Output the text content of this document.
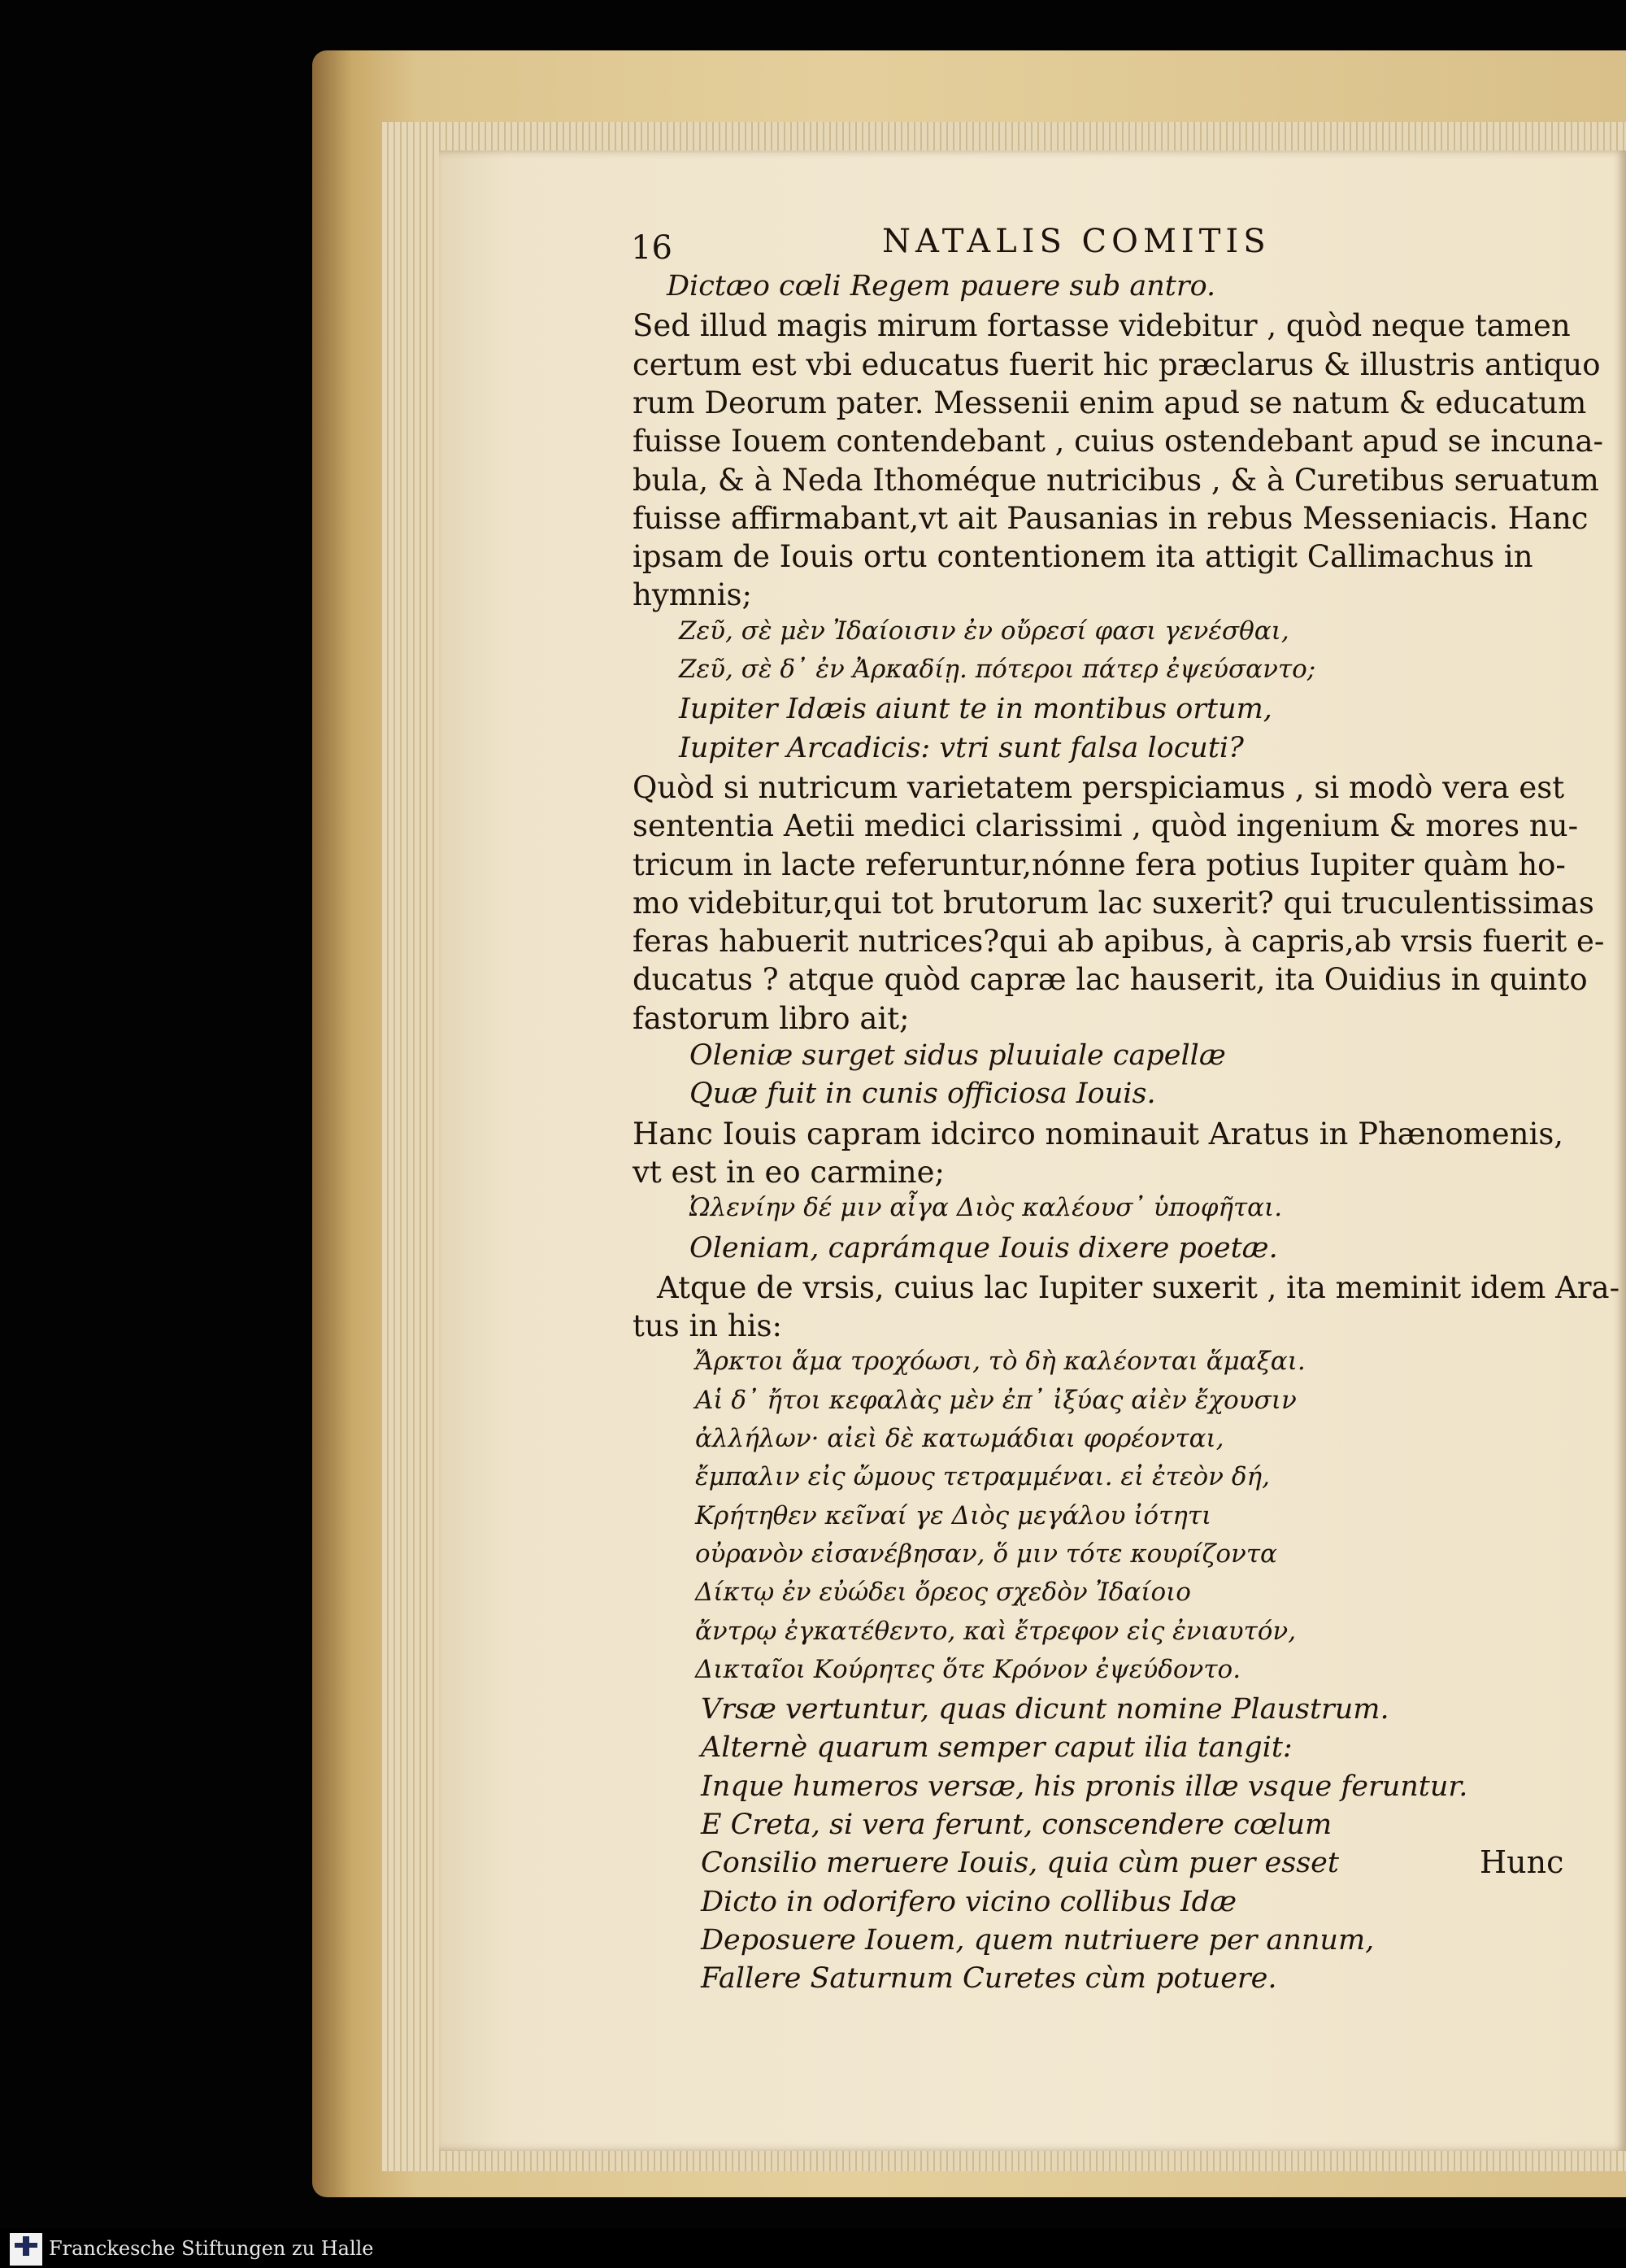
16	NATALIS COMITIS
Dictæo cœli Regem pauere sub antro.
Sed illud magis mirum fortasse videbitur , quòd neque tamen
certum est vbi educatus fuerit hic præclarus & illustris antiquo
rum Deorum pater. Messenii enim apud se natum & educatum
fuisse Iouem contendebant , cuius ostendebant apud se incuna-
bula, & à Neda Ithoméque nutricibus , & à Curetibus seruatum
fuisse affirmabant,vt ait Pausanias in rebus Messeniacis. Hanc
ipsam de Iouis ortu contentionem ita attigit Callimachus in
hymnis;
Ζεῦ, σὲ μὲν Ἰδαίοισιν ἐν οὔρεσί φασι γενέσθαι,
Ζεῦ, σὲ δ᾽ ἐν Ἀρκαδίῃ. πότεροι πάτερ ἐψεύσαντο;
Iupiter Idæis aiunt te in montibus ortum,
Iupiter Arcadicis: vtri sunt falsa locuti?
Quòd si nutricum varietatem perspiciamus , si modò vera est
sententia Aetii medici clarissimi , quòd ingenium & mores nu-
tricum in lacte referuntur,nónne fera potius Iupiter quàm ho-
mo videbitur,qui tot brutorum lac suxerit? qui truculentissimas
feras habuerit nutrices?qui ab apibus, à capris,ab vrsis fuerit e-
ducatus ? atque quòd capræ lac hauserit, ita Ouidius in quinto
fastorum libro ait;
Oleniæ surget sidus pluuiale capellæ
Quæ fuit in cunis officiosa Iouis.
Hanc Iouis capram idcirco nominauit Aratus in Phænomenis,
vt est in eo carmine;
Ὠλενίην δέ μιν αἶγα Διὸς καλέουσ᾽ ὑποφῆται.
Oleniam, caprámque Iouis dixere poetæ.
Atque de vrsis, cuius lac Iupiter suxerit , ita meminit idem Ara-
tus in his:
Ἄρκτοι ἅμα τροχόωσι, τὸ δὴ καλέονται ἅμαξαι.
Αἱ δ᾽ ἤτοι κεφαλὰς μὲν ἐπ᾽ ἰξύας αἰὲν ἔχουσιν
ἀλλήλων· αἰεὶ δὲ κατωμάδιαι φορέονται,
ἔμπαλιν εἰς ὤμους τετραμμέναι. εἰ ἐτεὸν δή,
Κρήτηθεν κεῖναί γε Διὸς μεγάλου ἰότητι
οὐρανὸν εἰσανέβησαν, ὅ μιν τότε κουρίζοντα
Δίκτῳ ἐν εὐώδει ὄρεος σχεδὸν Ἰδαίοιο
ἄντρῳ ἐγκατέθεντο, καὶ ἔτρεφον εἰς ἐνιαυτόν,
Δικταῖοι Κούρητες ὅτε Κρόνον ἐψεύδοντο.
Vrsæ vertuntur, quas dicunt nomine Plaustrum.
Alternè quarum semper caput ilia tangit:
Inque humeros versæ, his pronis illæ vsque feruntur.
E Creta, si vera ferunt, conscendere cœlum
Consilio meruere Iouis, quia cùm puer esset
Dicto in odorifero vicino collibus Idæ
Deposuere Iouem, quem nutriuere per annum,
Fallere Saturnum Curetes cùm potuere.
Hunc
Franckesche Stiftungen zu Halle
